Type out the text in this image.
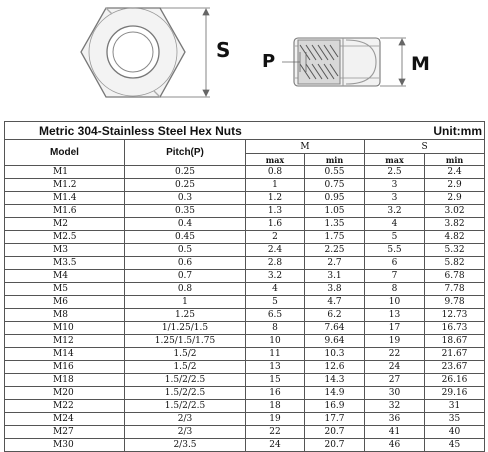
S P	M
Metric 304-Stainless Steel Hex Nuts				Unit:mm	
Model	Pitch(P)	M		S	
		max	min	max	min
M1	0.25	0.8	0.55	2.5	2.4
M1.2	0.25	1	0.75	3	2.9
M1.4	0.3	1.2	0.95	3	2.9
M1.6	0.35	1.3	1.05	3.2	3.02
M2	0.4	1.6	1.35	4	3.82
M2.5	0.45	2	1.75	5	4.82
M3	0.5	2.4	2.25	5.5	5.32
M3.5	0.6	2.8	2.7	6	5.82
M4	0.7	3.2	3.1	7	6.78
M5	0.8	4	3.8	8	7.78
M6	1	5	4.7	10	9.78
M8	1.25	6.5	6.2	13	12.73
M10	1/1.25/1.5	8	7.64	17	16.73
M12	1.25/1.5/1.75	10	9.64	19	18.67
M14	1.5/2	11	10.3	22	21.67
M16	1.5/2	13	12.6	24	23.67
M18	1.5/2/2.5	15	14.3	27	26.16
M20	1.5/2/2.5	16	14.9	30	29.16
M22	1.5/2/2.5	18	16.9	32	31
M24	2/3	19	17.7	36	35
M27	2/3	22	20.7	41	40
M30	2/3.5	24	20.7	46	45
